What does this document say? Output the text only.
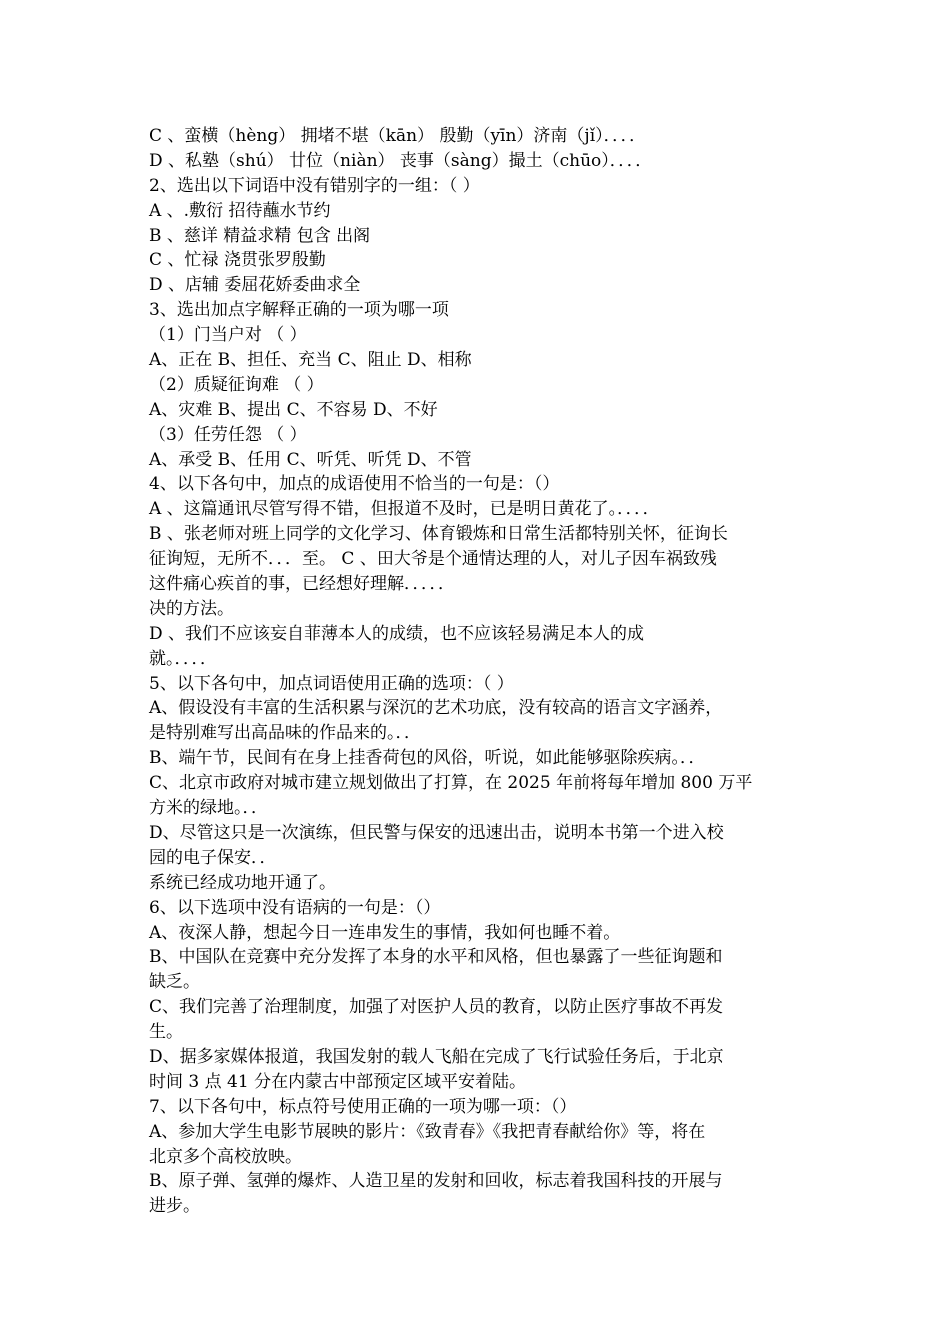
C 、蛮横（hèng） 拥堵不堪（kān） 殷勤（yīn）济南（jǐ）．．．．
D 、私塾（shú） 廿位（niàn） 丧事（sàng）撮土（chūo）．．．．
2、选出以下词语中没有错别字的一组：（ ）
A 、.敷衍 招待蘸水节约
B 、慈详 精益求精 包含 出阁
C 、忙禄 浇贯张罗殷勤
D 、店辅 委屈花娇委曲求全
3、选出加点字解释正确的一项为哪一项
（1）门当户对 （ ）
A、正在 B、担任、充当 C、阻止 D、相称
（2）质疑征询难 （ ）
A、灾难 B、提出 C、不容易 D、不好
（3）任劳任怨 （ ）
A、承受 B、任用 C、听凭、听凭 D、不管
4、以下各句中，加点的成语使用不恰当的一句是：（）
A 、这篇通讯尽管写得不错，但报道不及时，已是明日黄花了。．．．．
B 、张老师对班上同学的文化学习、体育锻炼和日常生活都特别关怀，征询长
征询短，无所不．．．至。 C 、田大爷是个通情达理的人，对儿子因车祸致残
这件痛心疾首的事，已经想好理解．．．．．
决的方法。
D 、我们不应该妄自菲薄本人的成绩，也不应该轻易满足本人的成
就。．．．．
5、以下各句中，加点词语使用正确的选项：（ ）
A、假设没有丰富的生活积累与深沉的艺术功底，没有较高的语言文字涵养，
是特别难写出高品味的作品来的。．．
B、端午节，民间有在身上挂香荷包的风俗，听说，如此能够驱除疾病。．．
C、北京市政府对城市建立规划做出了打算，在 2025 年前将每年增加 800 万平
方米的绿地。．．
D、尽管这只是一次演练，但民警与保安的迅速出击，说明本书第一个进入校
园的电子保安．．
系统已经成功地开通了。
6、以下选项中没有语病的一句是：（）
A、夜深人静，想起今日一连串发生的事情，我如何也睡不着。
B、中国队在竞赛中充分发挥了本身的水平和风格，但也暴露了一些征询题和
缺乏。
C、我们完善了治理制度，加强了对医护人员的教育，以防止医疗事故不再发
生。
D、据多家媒体报道，我国发射的载人飞船在完成了飞行试验任务后，于北京
时间 3 点 41 分在内蒙古中部预定区域平安着陆。
7、以下各句中，标点符号使用正确的一项为哪一项：（）
A、参加大学生电影节展映的影片：《致青春》《我把青春献给你》等，将在
北京多个高校放映。
B、原子弹、氢弹的爆炸、人造卫星的发射和回收，标志着我国科技的开展与
进步。
